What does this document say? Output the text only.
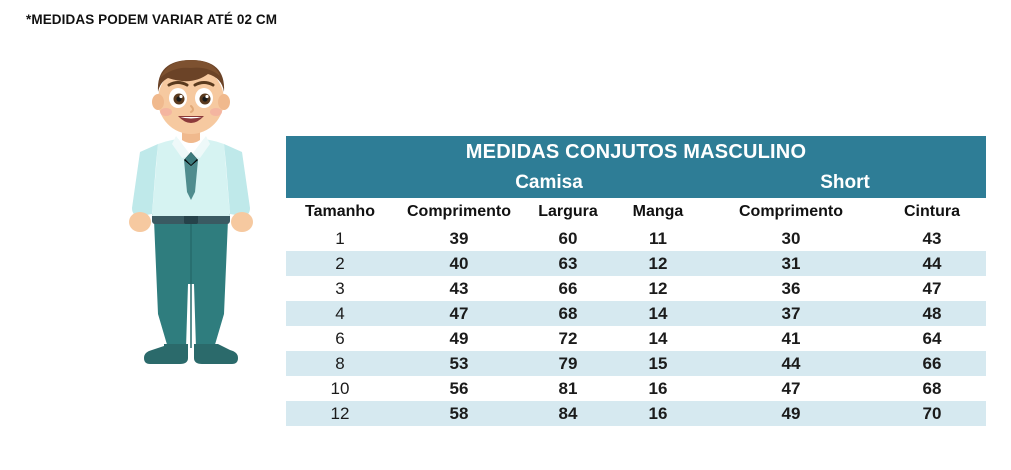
*MEDIDAS PODEM VARIAR ATÉ 02 CM
MEDIDAS CONJUTOS MASCULINO					
	Camisa			Short	
Tamanho	Comprimento	Largura	Manga	Comprimento	Cintura
1	39	60	11	30	43
2	40	63	12	31	44
3	43	66	12	36	47
4	47	68	14	37	48
6	49	72	14	41	64
8	53	79	15	44	66
10	56	81	16	47	68
12	58	84	16	49	70
